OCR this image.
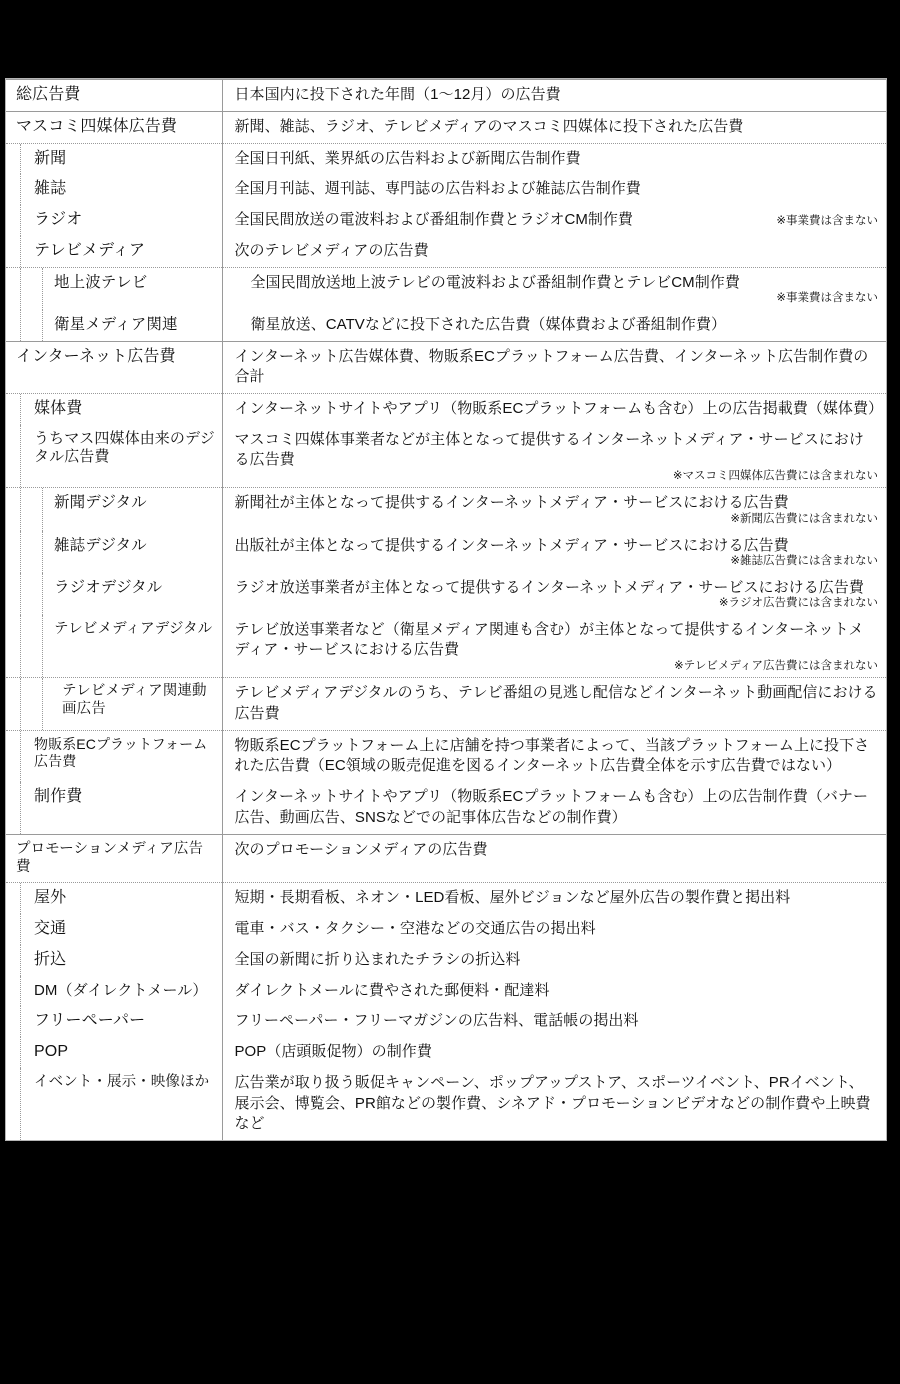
総広告費	日本国内に投下された年間（1〜12月）の広告費

マスコミ四媒体広告費	新聞、雑誌、ラジオ、テレビメディアのマスコミ四媒体に投下された広告費

新聞	全国日刊紙、業界紙の広告料および新聞広告制作費

雑誌	全国月刊誌、週刊誌、専門誌の広告料および雑誌広告制作費

ラジオ	全国民間放送の電波料および番組制作費とラジオCM制作費 ※事業費は含まない

テレビメディア	次のテレビメディアの広告費

地上波テレビ	全国民間放送地上波テレビの電波料および番組制作費とテレビCM制作費
※事業費は含まない

衛星メディア関連	衛星放送、CATVなどに投下された広告費（媒体費および番組制作費）

インターネット広告費	インターネット広告媒体費、物販系ECプラットフォーム広告費、インターネット広告制作費の合計

媒体費	インターネットサイトやアプリ（物販系ECプラットフォームも含む）上の広告掲載費（媒体費）

うちマス四媒体由来のデジタル広告費	マスコミ四媒体事業者などが主体となって提供するインターネットメディア・サービスにおける広告費
※マスコミ四媒体広告費には含まれない

新聞デジタル	新聞社が主体となって提供するインターネットメディア・サービスにおける広告費
※新聞広告費には含まれない

雑誌デジタル	出版社が主体となって提供するインターネットメディア・サービスにおける広告費
※雑誌広告費には含まれない

ラジオデジタル	ラジオ放送事業者が主体となって提供するインターネットメディア・サービスにおける広告費
※ラジオ広告費には含まれない

テレビメディアデジタル	テレビ放送事業者など（衛星メディア関連も含む）が主体となって提供するインターネットメディア・サービスにおける広告費
※テレビメディア広告費には含まれない

テレビメディア関連動画広告	テレビメディアデジタルのうち、テレビ番組の見逃し配信などインターネット動画配信における広告費

物販系ECプラットフォーム広告費	物販系ECプラットフォーム上に店舗を持つ事業者によって、当該プラットフォーム上に投下された広告費（EC領域の販売促進を図るインターネット広告費全体を示す広告費ではない）

制作費	インターネットサイトやアプリ（物販系ECプラットフォームも含む）上の広告制作費（バナー広告、動画広告、SNSなどでの記事体広告などの制作費）

プロモーションメディア広告費	次のプロモーションメディアの広告費

屋外	短期・長期看板、ネオン・LED看板、屋外ビジョンなど屋外広告の製作費と掲出料

交通	電車・バス・タクシー・空港などの交通広告の掲出料

折込	全国の新聞に折り込まれたチラシの折込料

DM（ダイレクトメール）	ダイレクトメールに費やされた郵便料・配達料

フリーペーパー	フリーペーパー・フリーマガジンの広告料、電話帳の掲出料

POP	POP（店頭販促物）の制作費

イベント・展示・映像ほか	広告業が取り扱う販促キャンペーン、ポップアップストア、スポーツイベント、PRイベント、展示会、博覧会、PR館などの製作費、シネアド・プロモーションビデオなどの制作費や上映費など
